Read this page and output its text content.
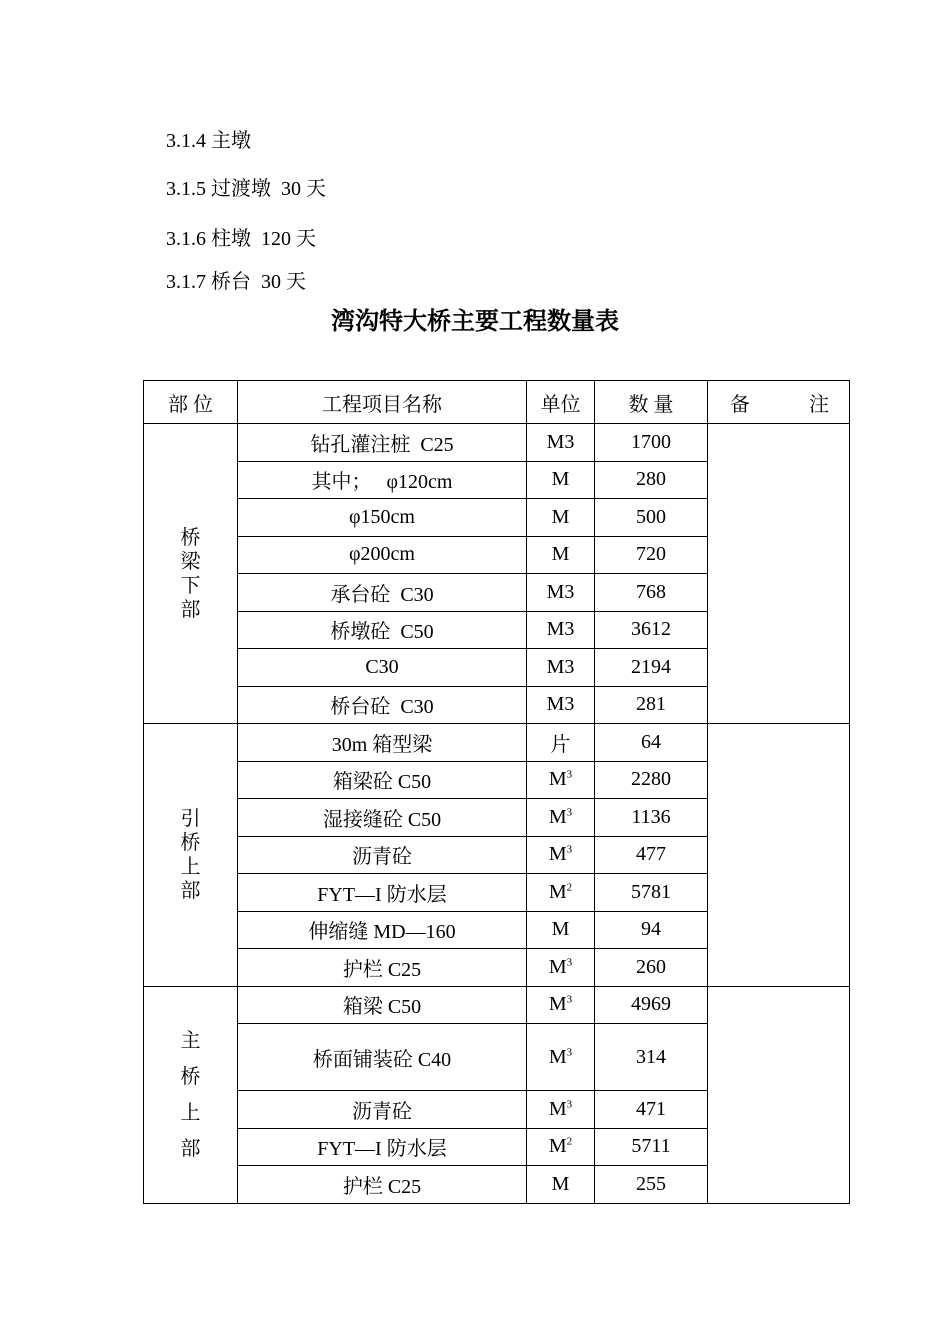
3.1.4 主墩
3.1.5 过渡墩  30 天
3.1.6 柱墩  120 天
3.1.7 桥台  30 天
湾沟特大桥主要工程数量表
部 位	工程项目名称	单位	数 量	备 注

桥
梁
下
部	钻孔灌注桩  C25	M3	1700	
	其中；   φ120cm	M	280	
	φ150cm	M	500	
	φ200cm	M	720	
	承台砼  C30	M3	768	
	桥墩砼  C50	M3	3612	
	C30	M3	2194	
	桥台砼  C30	M3	281	

引
桥
上
部	30m 箱型梁	片	64	
	箱梁砼 C50	$M^3$	2280	
	湿接缝砼 C50	$M^3$	1136	
	沥青砼	$M^3$	477	
	FYT—I 防水层	$M^2$	5781	
	伸缩缝 MD—160	M	94	
	护栏 C25	$M^3$	260	

主
桥
上
部	箱梁 C50	$M^3$	4969	
	桥面铺装砼 C40	$M^3$	314	
	沥青砼	$M^3$	471	
	FYT—I 防水层	$M^2$	5711	
	护栏 C25	M	255	
